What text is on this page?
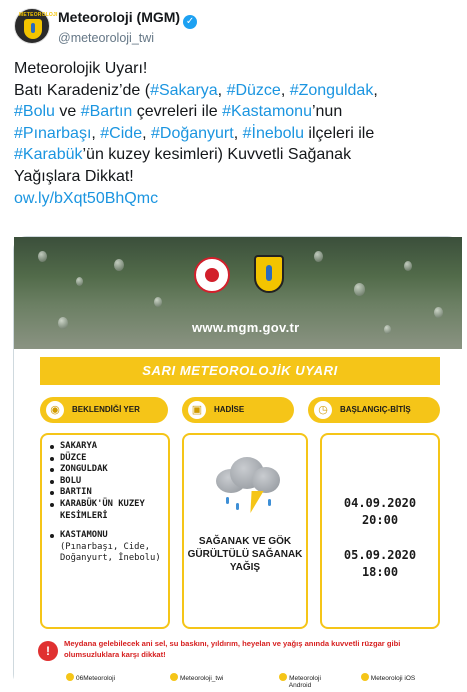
METEOROLOJI Meteoroloji (MGM) ✓
@meteoroloji_twi
Meteorolojik Uyarı!
Batı Karadeniz’de (#Sakarya, #Düzce, #Zonguldak,
#Bolu ve #Bartın çevreleri ile #Kastamonu’nun
#Pınarbaşı, #Cide, #Doğanyurt, #İnebolu ilçeleri ile
#Karabük’ün kuzey kesimleri) Kuvvetli Sağanak
Yağışlara Dikkat!
ow.ly/bXqt50BhQmc
www.mgm.gov.tr
SARI METEOROLOJİK UYARI
◉	BEKLENDİĞİ YER	▣	HADİSE	◷	BAŞLANGIÇ-BİTİŞ
SAKARYA
DÜZCE
ZONGULDAK
BOLU
BARTIN
KARABÜK'ÜN KUZEY KESİMLERİ
KASTAMONU
(Pınarbaşı, Cide, Doğanyurt, İnebolu)
SAĞANAK VE GÖK GÜRÜLTÜLÜ SAĞANAK YAĞIŞ
04.09.2020
20:00
05.09.2020
18:00
!
Meydana gelebilecek ani sel, su baskını, yıldırım, heyelan ve yağış anında kuvvetli rüzgar gibi olumsuzluklara karşı dikkat!
06Meteoroloji	Meteoroloji_twi	Meteoroloji Android
Meteoroloji iOS
